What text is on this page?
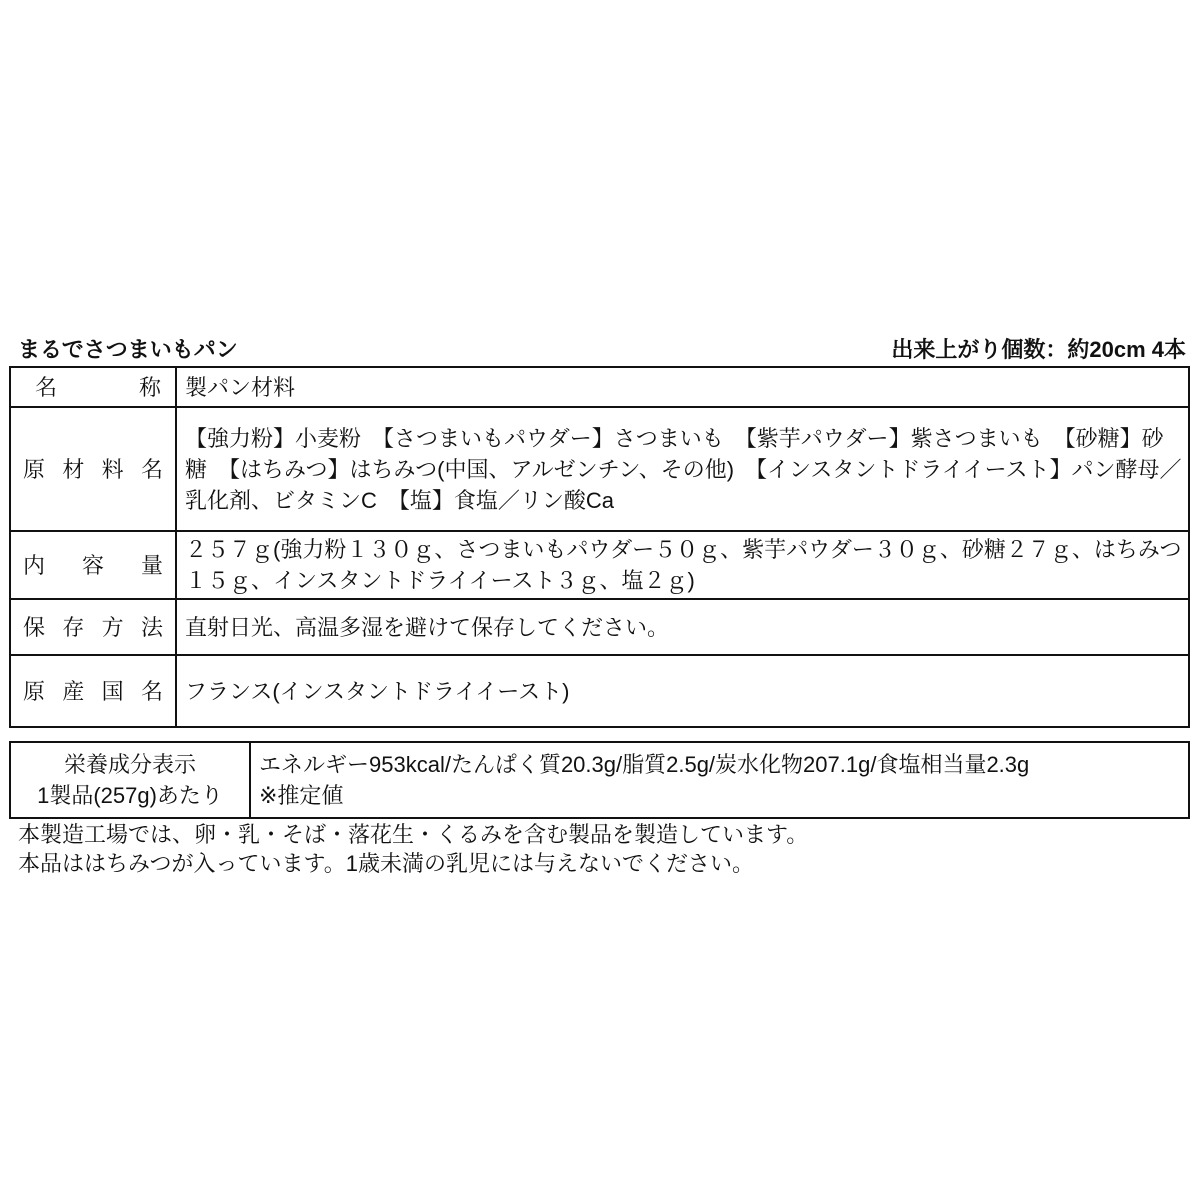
まるでさつまいもパン	出来上がり個数：約20cm 4本
名　　称	製パン材料
原材料名	【強力粉】小麦粉　【さつまいもパウダー】さつまいも　【紫芋パウダー】紫さつまいも　【砂糖】砂糖　【はちみつ】はちみつ(中国、アルゼンチン、その他)　【インスタントドライイースト】パン酵母／乳化剤、ビタミンC　【塩】食塩／リン酸Ca
内容量	２５７ｇ(強力粉１３０ｇ、さつまいもパウダー５０ｇ、紫芋パウダー３０ｇ、砂糖２７ｇ、はちみつ１５ｇ、インスタントドライイースト３ｇ、塩２ｇ)
保存方法	直射日光、高温多湿を避けて保存してください。
原産国名	フランス(インスタントドライイースト)
栄養成分表示
1製品(257g)あたり

エネルギー953kcal/たんぱく質20.3g/脂質2.5g/炭水化物207.1g/食塩相当量2.3g
※推定値
本製造工場では、卵・乳・そば・落花生・くるみを含む製品を製造しています。
本品ははちみつが入っています。1歳未満の乳児には与えないでください。
